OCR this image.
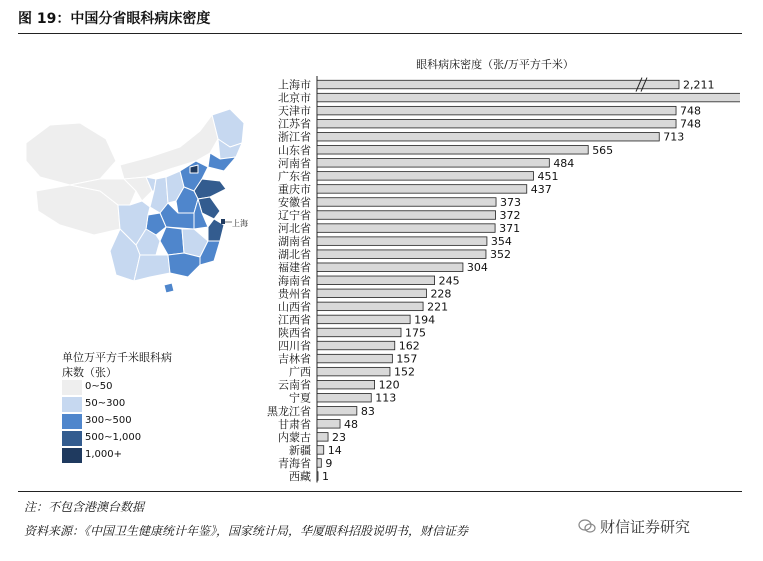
图 19：中国分省眼科病床密度
上海
单位万平方千米眼科病床数（张）
0~50
50~300
300~500
500~1,000
1,000+
眼科病床密度（张/万平方千米）
上海市	2,211
北京市
天津市	748
江苏省	748
浙江省	713
山东省	565
河南省	484
广东省	451
重庆市	437
安徽省	373
辽宁省	372
河北省	371
湖南省	354
湖北省	352
福建省	304
海南省	245
贵州省	228
山西省	221
江西省	194
陕西省	175
四川省	162
吉林省	157
广西	152
云南省	120
宁夏	113
黑龙江省	83
甘肃省	48
内蒙古 23
新疆 14
青海省 9
西藏 1
注：不包含港澳台数据
资料来源：《中国卫生健康统计年鉴》，国家统计局，华厦眼科招股说明书，财信证券	财信证券研究
